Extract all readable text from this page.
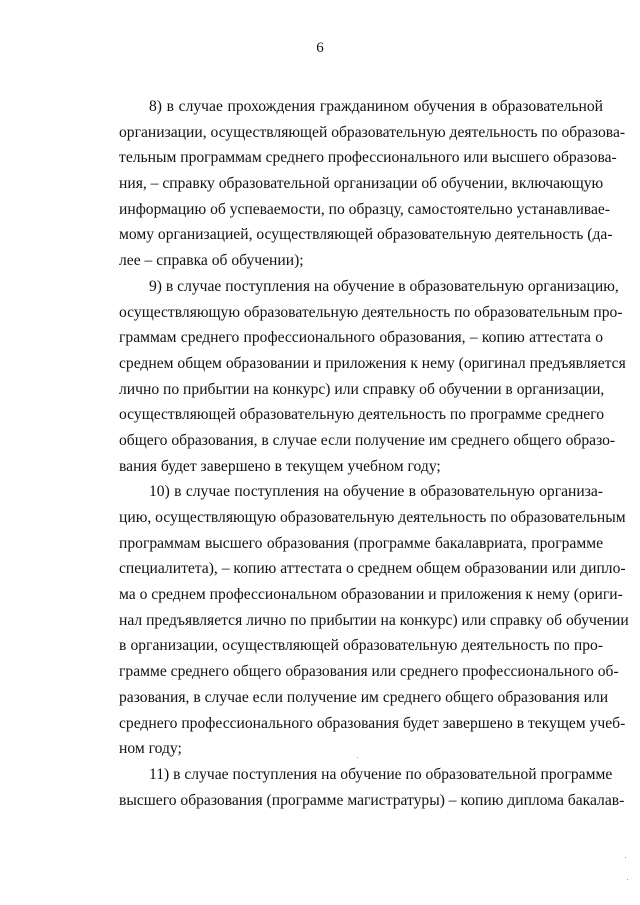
6
8) в случае прохождения гражданином обучения в образовательной
организации, осуществляющей образовательную деятельность по образова-
тельным программам среднего профессионального или высшего образова-
ния, – справку образовательной организации об обучении, включающую
информацию об успеваемости, по образцу, самостоятельно устанавливае-
мому организацией, осуществляющей образовательную деятельность (да-
лее – справка об обучении);
9) в случае поступления на обучение в образовательную организацию,
осуществляющую образовательную деятельность по образовательным про-
граммам среднего профессионального образования, – копию аттестата о
среднем общем образовании и приложения к нему (оригинал предъявляется
лично по прибытии на конкурс) или справку об обучении в организации,
осуществляющей образовательную деятельность по программе среднего
общего образования, в случае если получение им среднего общего образо-
вания будет завершено в текущем учебном году;
10) в случае поступления на обучение в образовательную организа-
цию, осуществляющую образовательную деятельность по образовательным
программам высшего образования (программе бакалавриата, программе
специалитета), – копию аттестата о среднем общем образовании или дипло-
ма о среднем профессиональном образовании и приложения к нему (ориги-
нал предъявляется лично по прибытии на конкурс) или справку об обучении
в организации, осуществляющей образовательную деятельность по про-
грамме среднего общего образования или среднего профессионального об-
разования, в случае если получение им среднего общего образования или
среднего профессионального образования будет завершено в текущем учеб-
ном году;
11) в случае поступления на обучение по образовательной программе
высшего образования (программе магистратуры) – копию диплома бакалав-
